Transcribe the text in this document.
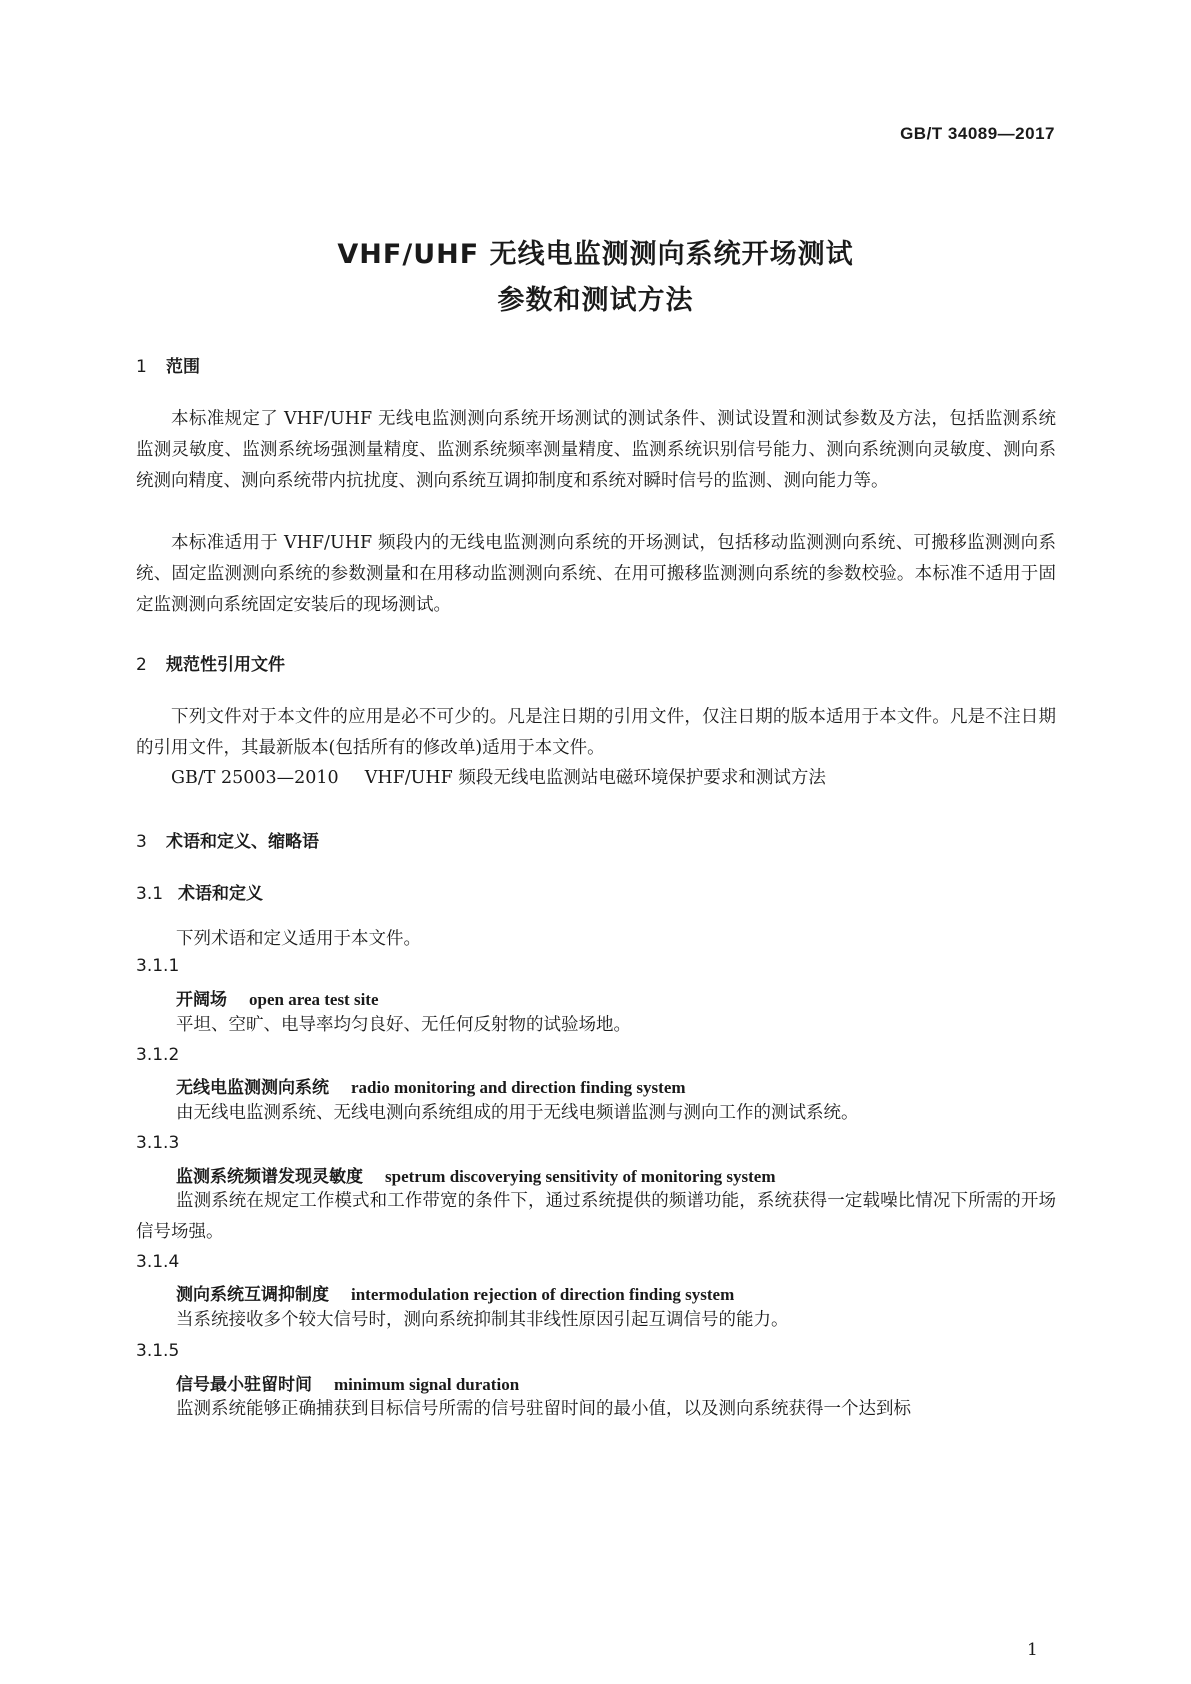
GB/T 34089—2017
VHF/UHF 无线电监测测向系统开场测试
参数和测试方法
1 范围
本标准规定了 VHF/UHF 无线电监测测向系统开场测试的测试条件、测试设置和测试参数及方法，包括监测系统监测灵敏度、监测系统场强测量精度、监测系统频率测量精度、监测系统识别信号能力、测向系统测向灵敏度、测向系统测向精度、测向系统带内抗扰度、测向系统互调抑制度和系统对瞬时信号的监测、测向能力等。
本标准适用于 VHF/UHF 频段内的无线电监测测向系统的开场测试，包括移动监测测向系统、可搬移监测测向系统、固定监测测向系统的参数测量和在用移动监测测向系统、在用可搬移监测测向系统的参数校验。本标准不适用于固定监测测向系统固定安装后的现场测试。
2 规范性引用文件
下列文件对于本文件的应用是必不可少的。凡是注日期的引用文件，仅注日期的版本适用于本文件。凡是不注日期的引用文件，其最新版本(包括所有的修改单)适用于本文件。
GB/T 25003—2010 VHF/UHF 频段无线电监测站电磁环境保护要求和测试方法
3 术语和定义、缩略语
3.1 术语和定义
下列术语和定义适用于本文件。
3.1.1
开阔场 open area test site
平坦、空旷、电导率均匀良好、无任何反射物的试验场地。
3.1.2
无线电监测测向系统 radio monitoring and direction finding system
由无线电监测系统、无线电测向系统组成的用于无线电频谱监测与测向工作的测试系统。
3.1.3
监测系统频谱发现灵敏度 spetrum discoverying sensitivity of monitoring system
监测系统在规定工作模式和工作带宽的条件下，通过系统提供的频谱功能，系统获得一定载噪比情况下所需的开场信号场强。
3.1.4
测向系统互调抑制度 intermodulation rejection of direction finding system
当系统接收多个较大信号时，测向系统抑制其非线性原因引起互调信号的能力。
3.1.5
信号最小驻留时间 minimum signal duration
监测系统能够正确捕获到目标信号所需的信号驻留时间的最小值，以及测向系统获得一个达到标
1
